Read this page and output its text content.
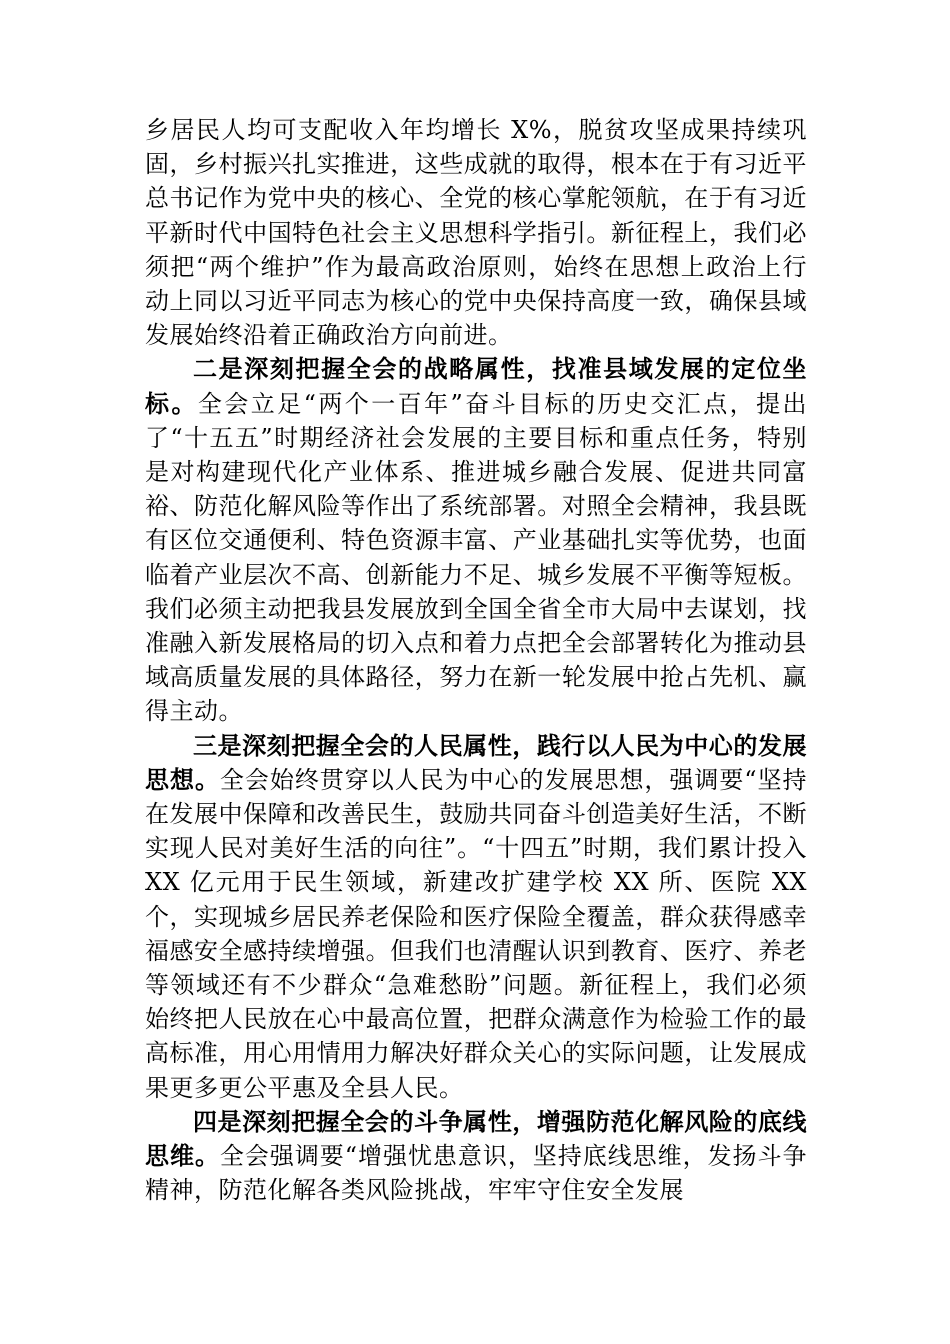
乡居民人均可支配收入年均增长 X%，脱贫攻坚成果持续巩固，乡村振兴扎实推进，这些成就的取得，根本在于有习近平总书记作为党中央的核心、全党的核心掌舵领航，在于有习近平新时代中国特色社会主义思想科学指引。新征程上，我们必须把“两个维护”作为最高政治原则，始终在思想上政治上行动上同以习近平同志为核心的党中央保持高度一致，确保县域发展始终沿着正确政治方向前进。

二是深刻把握全会的战略属性，找准县域发展的定位坐标。全会立足“两个一百年”奋斗目标的历史交汇点，提出了“十五五”时期经济社会发展的主要目标和重点任务，特别是对构建现代化产业体系、推进城乡融合发展、促进共同富裕、防范化解风险等作出了系统部署。对照全会精神，我县既有区位交通便利、特色资源丰富、产业基础扎实等优势，也面临着产业层次不高、创新能力不足、城乡发展不平衡等短板。我们必须主动把我县发展放到全国全省全市大局中去谋划，找准融入新发展格局的切入点和着力点把全会部署转化为推动县域高质量发展的具体路径，努力在新一轮发展中抢占先机、赢得主动。

三是深刻把握全会的人民属性，践行以人民为中心的发展思想。全会始终贯穿以人民为中心的发展思想，强调要“坚持在发展中保障和改善民生，鼓励共同奋斗创造美好生活，不断实现人民对美好生活的向往”。“十四五”时期，我们累计投入 XX 亿元用于民生领域，新建改扩建学校 XX 所、医院 XX 个，实现城乡居民养老保险和医疗保险全覆盖，群众获得感幸福感安全感持续增强。但我们也清醒认识到教育、医疗、养老等领域还有不少群众“急难愁盼”问题。新征程上，我们必须始终把人民放在心中最高位置，把群众满意作为检验工作的最高标准，用心用情用力解决好群众关心的实际问题，让发展成果更多更公平惠及全县人民。

四是深刻把握全会的斗争属性，增强防范化解风险的底线思维。全会强调要“增强忧患意识，坚持底线思维，发扬斗争精神，防范化解各类风险挑战，牢牢守住安全发展
